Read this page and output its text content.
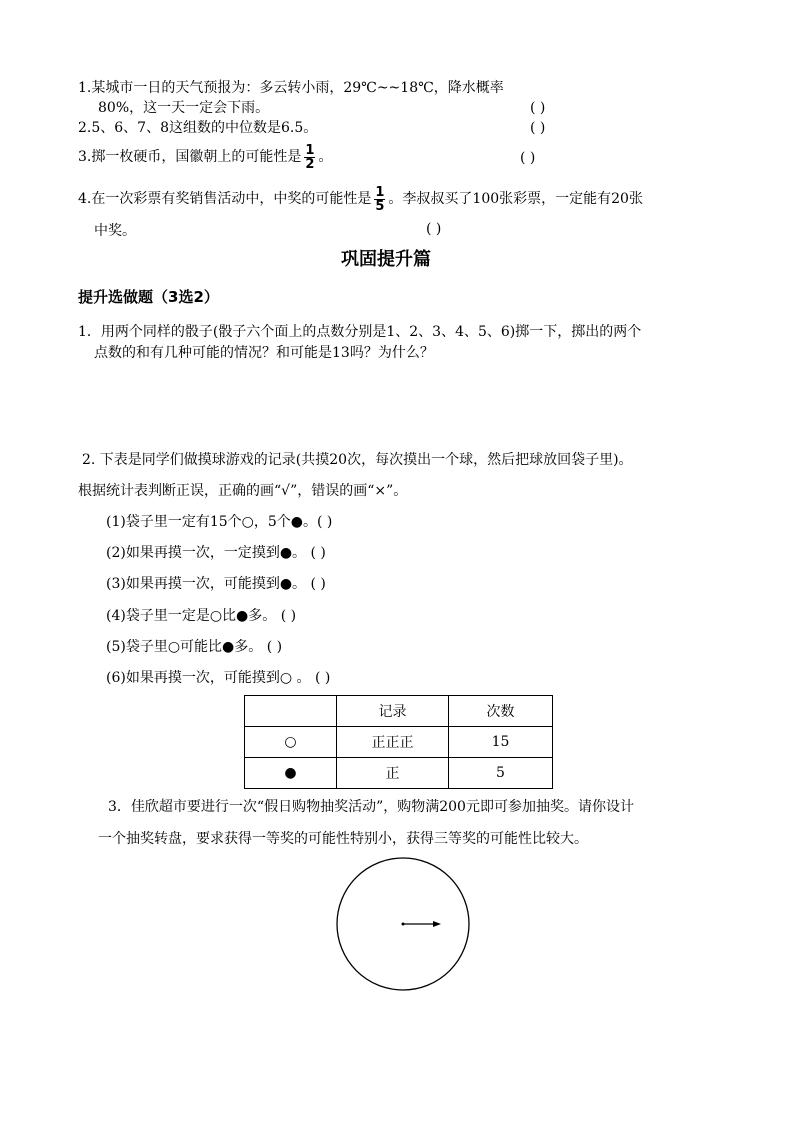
1.某城市一日的天气预报为：多云转小雨，29℃~~18℃，降水概率
80%，这一天一定会下雨。	( )
2.5、6、7、8这组数的中位数是6.5。	( )
3.掷一枚硬币，国徽朝上的可能性是 $\frac{1}{2}$ 。	( )
4.在一次彩票有奖销售活动中，中奖的可能性是 $\frac{1}{5}$ 。李叔叔买了100张彩票，一定能有20张
中奖。	( )
巩固提升篇
提升选做题（3选2）
1．用两个同样的骰子(骰子六个面上的点数分别是1、2、3、4、5、6)掷一下，掷出的两个
点数的和有几种可能的情况？和可能是13吗？为什么？
2. 下表是同学们做摸球游戏的记录(共摸20次，每次摸出一个球，然后把球放回袋子里)。
根据统计表判断正误，正确的画“√”，错误的画“×”。
(1)袋子里一定有15个○，5个●。( )
(2)如果再摸一次，一定摸到●。 ( )
(3)如果再摸一次，可能摸到●。 ( )
(4)袋子里一定是○比●多。 ( )
(5)袋子里○可能比●多。 ( )
(6)如果再摸一次，可能摸到○ 。 ( )
	记录	次数
○	正正正	15
●	正	5
3．佳欣超市要进行一次“假日购物抽奖活动”，购物满200元即可参加抽奖。请你设计
一个抽奖转盘，要求获得一等奖的可能性特别小，获得三等奖的可能性比较大。
